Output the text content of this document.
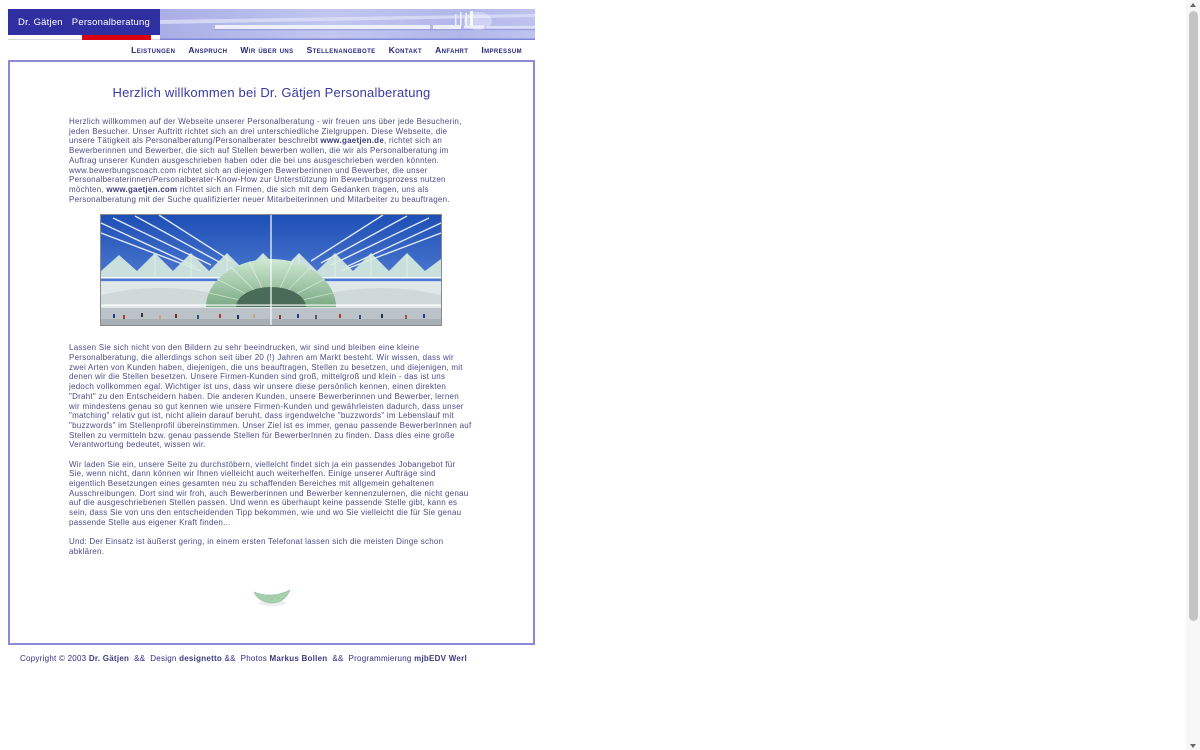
Dr. Gätjen Personalberatung
Leistungen Anspruch Wir über uns Stellenangebote Kontakt Anfahrt Impressum
Herzlich willkommen bei Dr. Gätjen Personalberatung

Herzlich willkommen auf der Webseite unserer Personalberatung - wir freuen uns über jede Besucherin, jeden Besucher. Unser Auftritt richtet sich an drei unterschiedliche Zielgruppen. Diese Webseite, die unsere Tätigkeit als Personalberatung/Personalberater beschreibt www.gaetjen.de, richtet sich an Bewerberinnen und Bewerber, die sich auf Stellen bewerben wollen, die wir als Personalberatung im Auftrag unserer Kunden ausgeschrieben haben oder die bei uns ausgeschrieben werden könnten. www.bewerbungscoach.com richtet sich an diejenigen Bewerberinnen und Bewerber, die unser Personalberaterinnen/Personalberater-Know-How zur Unterstützung im Bewerbungsprozess nutzen möchten, www.gaetjen.com richtet sich an Firmen, die sich mit dem Gedanken tragen, uns als Personalberatung mit der Suche qualifizierter neuer Mitarbeiterinnen und Mitarbeiter zu beauftragen.

Lassen Sie sich nicht von den Bildern zu sehr beeindrucken, wir sind und bleiben eine kleine Personalberatung, die allerdings schon seit über 20 (!) Jahren am Markt besteht. Wir wissen, dass wir zwei Arten von Kunden haben, diejenigen, die uns beauftragen, Stellen zu besetzen, und diejenigen, mit denen wir die Stellen besetzen. Unsere Firmen-Kunden sind groß, mittelgroß und klein - das ist uns jedoch vollkommen egal. Wichtiger ist uns, dass wir unsere diese persönlich kennen, einen direkten "Draht" zu den Entscheidern haben. Die anderen Kunden, unsere Bewerberinnen und Bewerber, lernen wir mindestens genau so gut kennen wie unsere Firmen-Kunden und gewährleisten dadurch, dass unser "matching" relativ gut ist, nicht allein darauf beruht, dass irgendwelche "buzzwords" im Lebenslauf mit "buzzwords" im Stellenprofil übereinstimmen. Unser Ziel ist es immer, genau passende BewerberInnen auf Stellen zu vermitteln bzw. genau passende Stellen für BewerberInnen zu finden. Dass dies eine große Verantwortung bedeutet, wissen wir.

Wir laden Sie ein, unsere Seite zu durchstöbern, vielleicht findet sich ja ein passendes Jobangebot für Sie, wenn nicht, dann können wir Ihnen vielleicht auch weiterhelfen. Einige unserer Aufträge sind eigentlich Besetzungen eines gesamten neu zu schaffenden Bereiches mit allgemein gehaltenen Ausschreibungen. Dort sind wir froh, auch Bewerberinnen und Bewerber kennenzulernen, die nicht genau auf die ausgeschriebenen Stellen passen. Und wenn es überhaupt keine passende Stelle gibt, kann es sein, dass Sie von uns den entscheidenden Tipp bekommen, wie und wo Sie vielleicht die für Sie genau passende Stelle aus eigener Kraft finden...

Und: Der Einsatz ist äußerst gering, in einem ersten Telefonat lassen sich die meisten Dinge schon abklären.

Copyright © 2003 Dr. Gätjen  &&  Design designetto &&  Photos Markus Bollen  &&  Programmierung mjbEDV Werl
